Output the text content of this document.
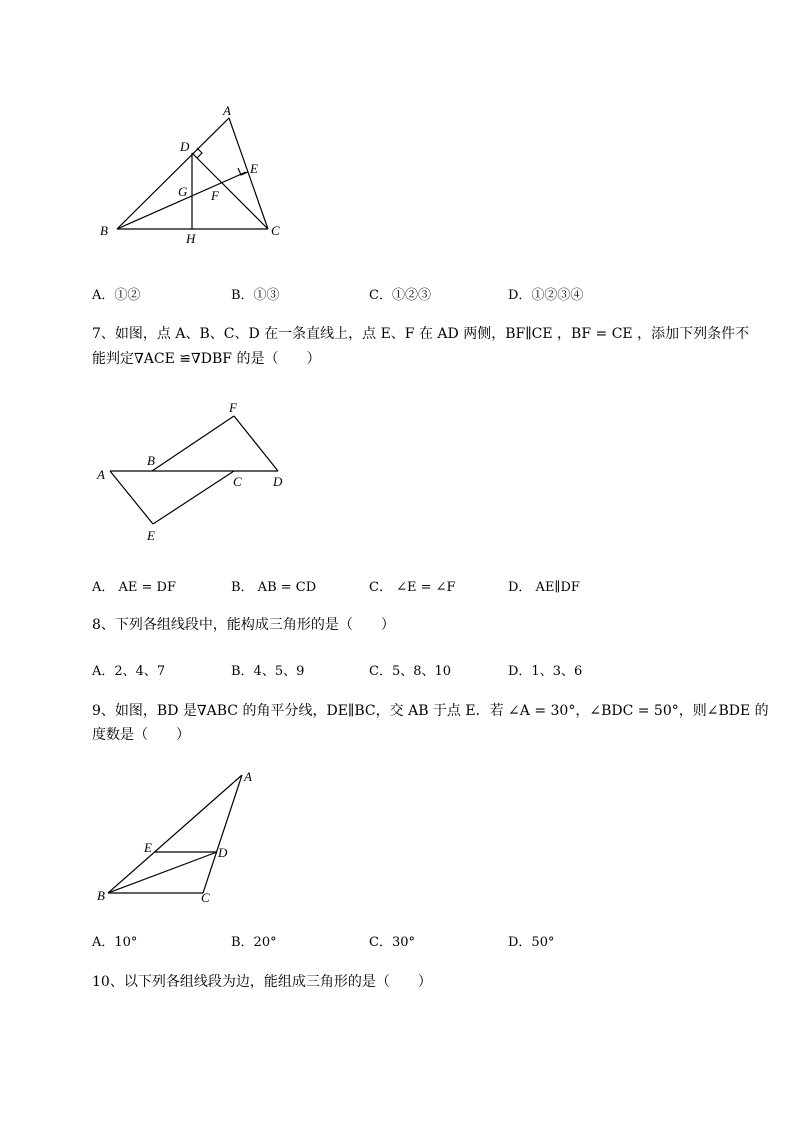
A
D
E
G F
B	C
H
A．①②	B．①③	C．①②③	D．①②③④
7、如图，点 A、B、C、D 在一条直线上，点 E、F 在 AD 两侧，BF∥CE ，BF = CE ，添加下列条件不
能判定∇ACE ≌∇DBF 的是（　　）
A
B
C D
F
E
A． AE = DF	B． AB = CD	C． ∠E = ∠F	D． AE∥DF
8、下列各组线段中，能构成三角形的是（　　）
A．2、4、7	B．4、5、9	C．5、8、10	D．1、3、6
9、如图，BD 是∇ABC 的角平分线，DE∥BC，交 AB 于点 E．若 ∠A = 30°，∠BDC = 50°，则∠BDE 的
度数是（　　）
A
E	D
B	C
A．10°	B．20°	C．30°	D．50°
10、以下列各组线段为边，能组成三角形的是（　　）
